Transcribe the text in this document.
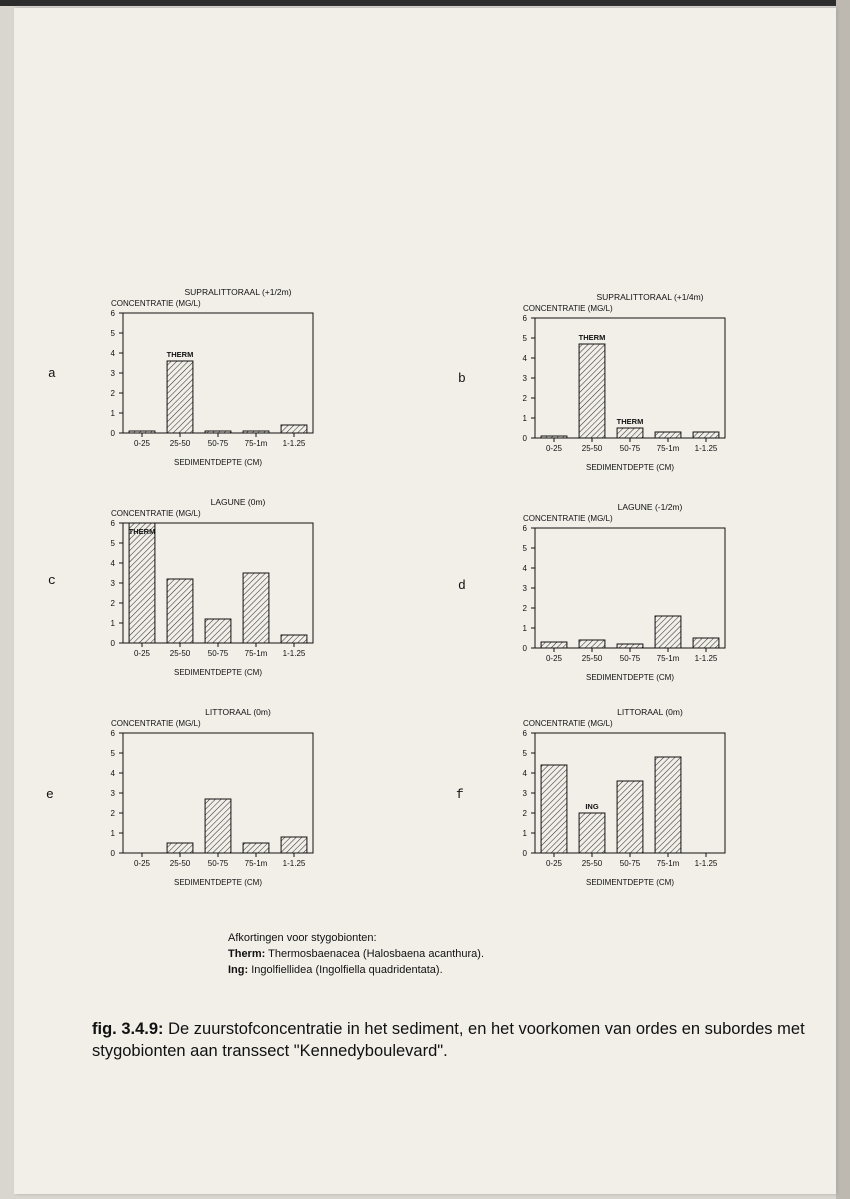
SUPRALITTORAAL (+1/2m)
CONCENTRATIE (MG/L)
SEDIMENTDEPTE (CM)
0
1
2
3
4
5
6
0-25 25-50 50-75 75-1m 1-1.25
THERM
SUPRALITTORAAL (+1/4m)
CONCENTRATIE (MG/L)
SEDIMENTDEPTE (CM)
0
1
2
3
4
5
6
0-25 25-50 50-75 75-1m 1-1.25
THERM
THERM
LAGUNE (0m)
CONCENTRATIE (MG/L)
SEDIMENTDEPTE (CM)
0
1
2
3
4
5
6
0-25 25-50 50-75 75-1m 1-1.25
THERM
LAGUNE (-1/2m)
CONCENTRATIE (MG/L)
SEDIMENTDEPTE (CM)
0
1
2
3
4
5
6
0-25 25-50 50-75 75-1m 1-1.25
LITTORAAL (0m)
CONCENTRATIE (MG/L)
SEDIMENTDEPTE (CM)
0
1
2
3
4
5
6
0-25 25-50 50-75 75-1m 1-1.25
LITTORAAL (0m)
CONCENTRATIE (MG/L)
SEDIMENTDEPTE (CM)
0
1
2
3
4
5
6
0-25 25-50 50-75 75-1m 1-1.25
ING
a	b
c	d
e	f
Afkortingen voor stygobionten:
Therm: Thermosbaenacea (Halosbaena acanthura).
Ing: Ingolfiellidea (Ingolfiella quadridentata).
fig. 3.4.9: De zuurstofconcentratie in het sediment, en het voorkomen van ordes en subordes met stygobionten aan transsect "Kennedyboulevard".
